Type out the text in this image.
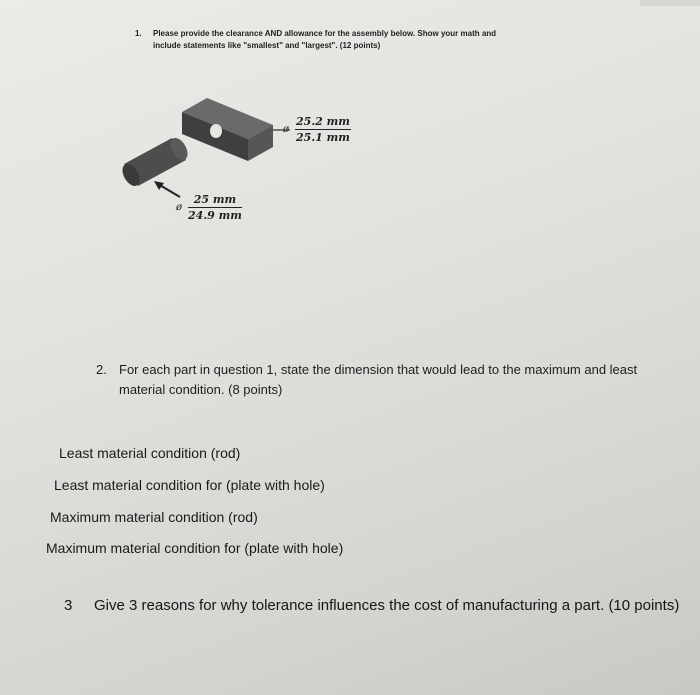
1. Please provide the clearance AND allowance for the assembly below. Show your math and
include statements like "smallest" and "largest". (12 points)
ø $\frac{25.2 mm}{25.1 mm}$
ø $\frac{25 mm}{24.9 mm}$
2. For each part in question 1, state the dimension that would lead to the maximum and least
material condition. (8 points)
Least material condition (rod)
Least material condition for (plate with hole)
Maximum material condition (rod)
Maximum material condition for (plate with hole)
3 Give 3 reasons for why tolerance influences the cost of manufacturing a part. (10 points)
